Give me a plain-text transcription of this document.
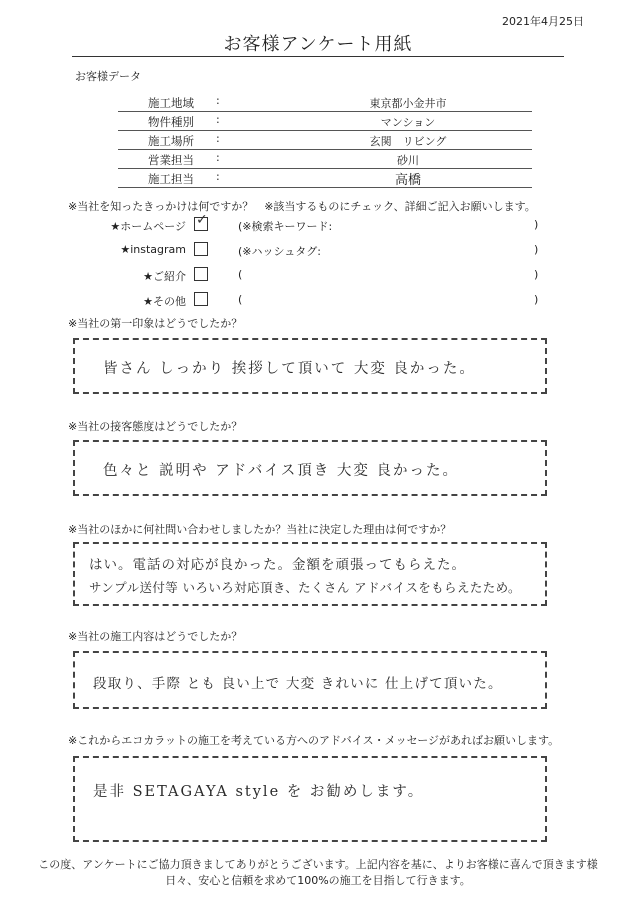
2021年4月25日
お客様アンケート用紙
お客様データ
施工地域 :	東京都小金井市
物件種別 :	マンション
施工場所 :	玄関　リビング
営業担当 :	砂川
施工担当 :	高橋
※当社を知ったきっかけは何ですか？　※該当するものにチェック、詳細ご記入お願いします。
★ホームページ ✓	(※検索キーワード:	)
★instagram	(※ハッシュタグ:	)
★ご紹介	(	)
★その他	(	)
※当社の第一印象はどうでしたか？
皆さん しっかり 挨拶して頂いて 大変 良かった。
※当社の接客態度はどうでしたか？
色々と 説明や アドバイス頂き 大変 良かった。
※当社のほかに何社問い合わせしましたか？当社に決定した理由は何ですか？
はい。電話の対応が良かった。金額を頑張ってもらえた。
サンプル送付等 いろいろ対応頂き、たくさん アドバイスをもらえたため。
※当社の施工内容はどうでしたか？
段取り、手際 とも 良い上で 大変 きれいに 仕上げて頂いた。
※これからエコカラットの施工を考えている方へのアドバイス・メッセージがあればお願いします。
是非 SETAGAYA style を お勧めします。
この度、アンケートにご協力頂きましてありがとうございます。上記内容を基に、よりお客様に喜んで頂きます様
日々、安心と信頼を求めて100%の施工を目指して行きます。
